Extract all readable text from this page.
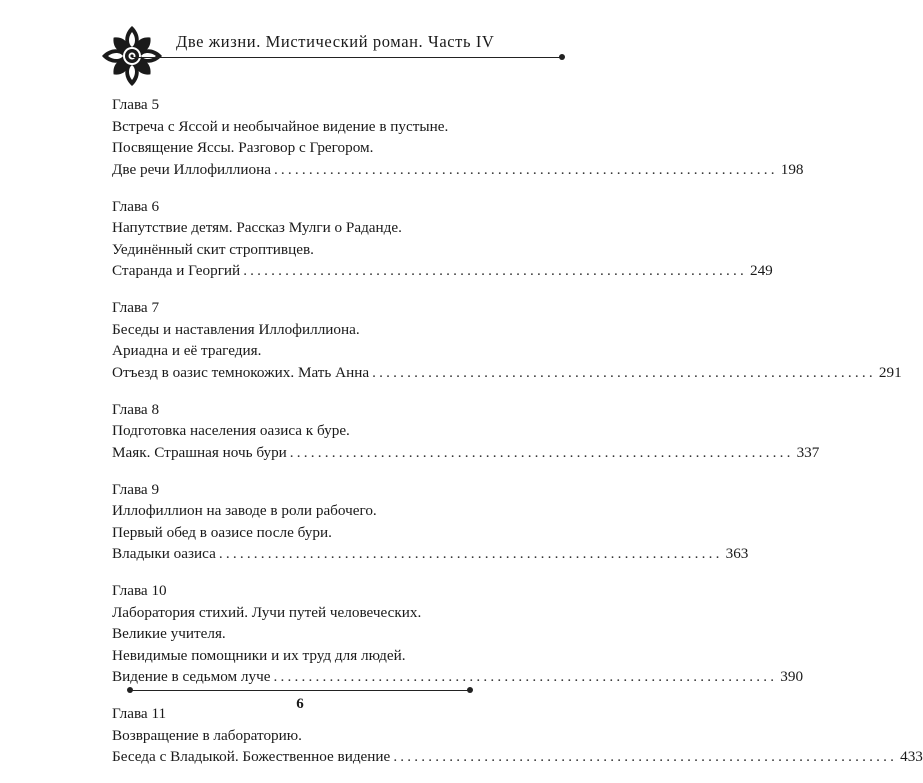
Две жизни. Мистический роман. Часть IV
Глава 5
Встреча с Яссой и необычайное видение в пустыне.
Посвящение Яссы. Разговор с Грегором.
Две речи Иллофиллиона ........................................................................ 198
Глава 6
Напутствие детям. Рассказ Мулги о Раданде.
Уединённый скит строптивцев.
Старанда и Георгий ........................................................................ 249
Глава 7
Беседы и наставления Иллофиллиона.
Ариадна и её трагедия.
Отъезд в оазис темнокожих. Мать Анна ........................................................................ 291
Глава 8
Подготовка населения оазиса к буре.
Маяк. Страшная ночь бури ........................................................................ 337
Глава 9
Иллофиллион на заводе в роли рабочего.
Первый обед в оазисе после бури.
Владыки оазиса ........................................................................ 363
Глава 10
Лаборатория стихий. Лучи путей человеческих.
Великие учителя.
Невидимые помощники и их труд для людей.
Видение в седьмом луче ........................................................................ 390
Глава 11
Возвращение в лабораторию.
Беседа с Владыкой. Божественное видение ........................................................................ 433
6
